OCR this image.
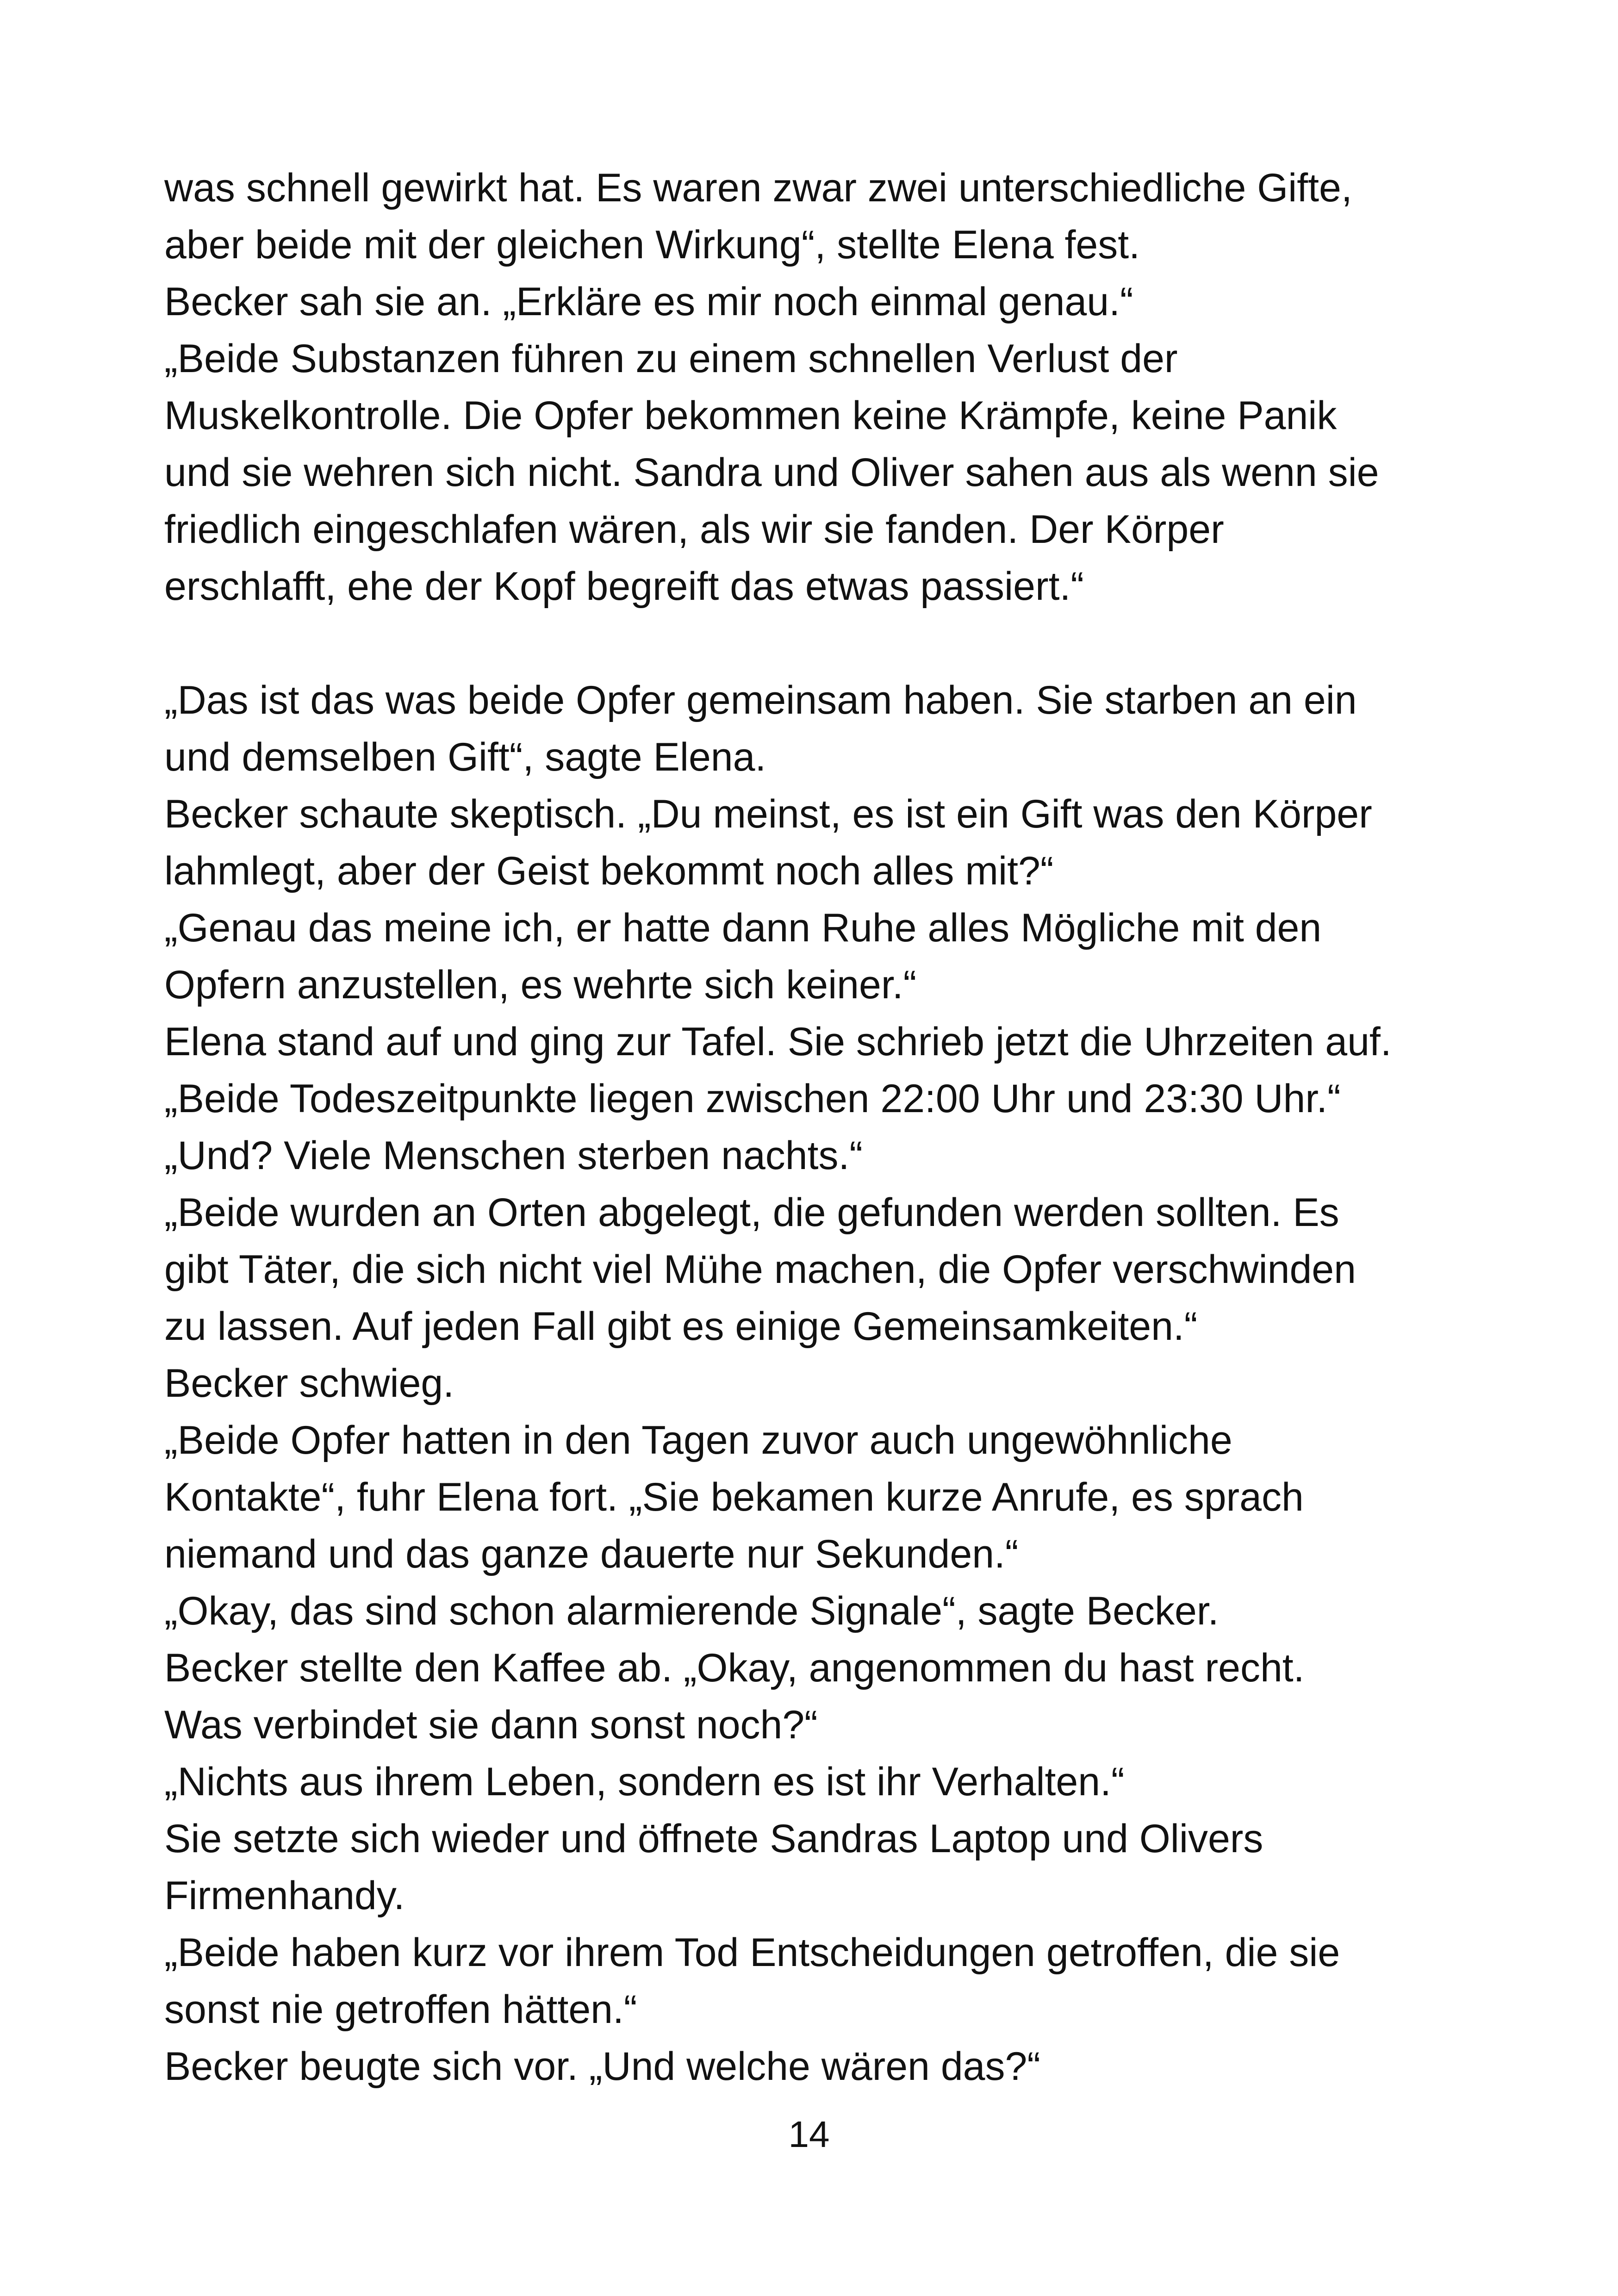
was schnell gewirkt hat. Es waren zwar zwei unterschiedliche Gifte,
aber beide mit der gleichen Wirkung“, stellte Elena fest.
Becker sah sie an. „Erkläre es mir noch einmal genau.“
„Beide Substanzen führen zu einem schnellen Verlust der
Muskelkontrolle. Die Opfer bekommen keine Krämpfe, keine Panik
und sie wehren sich nicht. Sandra und Oliver sahen aus als wenn sie
friedlich eingeschlafen wären, als wir sie fanden. Der Körper
erschlafft, ehe der Kopf begreift das etwas passiert.“
„Das ist das was beide Opfer gemeinsam haben. Sie starben an ein
und demselben Gift“, sagte Elena.
Becker schaute skeptisch. „Du meinst, es ist ein Gift was den Körper
lahmlegt, aber der Geist bekommt noch alles mit?“
„Genau das meine ich, er hatte dann Ruhe alles Mögliche mit den
Opfern anzustellen, es wehrte sich keiner.“
Elena stand auf und ging zur Tafel. Sie schrieb jetzt die Uhrzeiten auf.
„Beide Todeszeitpunkte liegen zwischen 22:00 Uhr und 23:30 Uhr.“
„Und? Viele Menschen sterben nachts.“
„Beide wurden an Orten abgelegt, die gefunden werden sollten. Es
gibt Täter, die sich nicht viel Mühe machen, die Opfer verschwinden
zu lassen. Auf jeden Fall gibt es einige Gemeinsamkeiten.“
Becker schwieg.
„Beide Opfer hatten in den Tagen zuvor auch ungewöhnliche
Kontakte“, fuhr Elena fort. „Sie bekamen kurze Anrufe, es sprach
niemand und das ganze dauerte nur Sekunden.“
„Okay, das sind schon alarmierende Signale“, sagte Becker.
Becker stellte den Kaffee ab. „Okay, angenommen du hast recht.
Was verbindet sie dann sonst noch?“
„Nichts aus ihrem Leben, sondern es ist ihr Verhalten.“
Sie setzte sich wieder und öffnete Sandras Laptop und Olivers
Firmenhandy.
„Beide haben kurz vor ihrem Tod Entscheidungen getroffen, die sie
sonst nie getroffen hätten.“
Becker beugte sich vor. „Und welche wären das?“
14
